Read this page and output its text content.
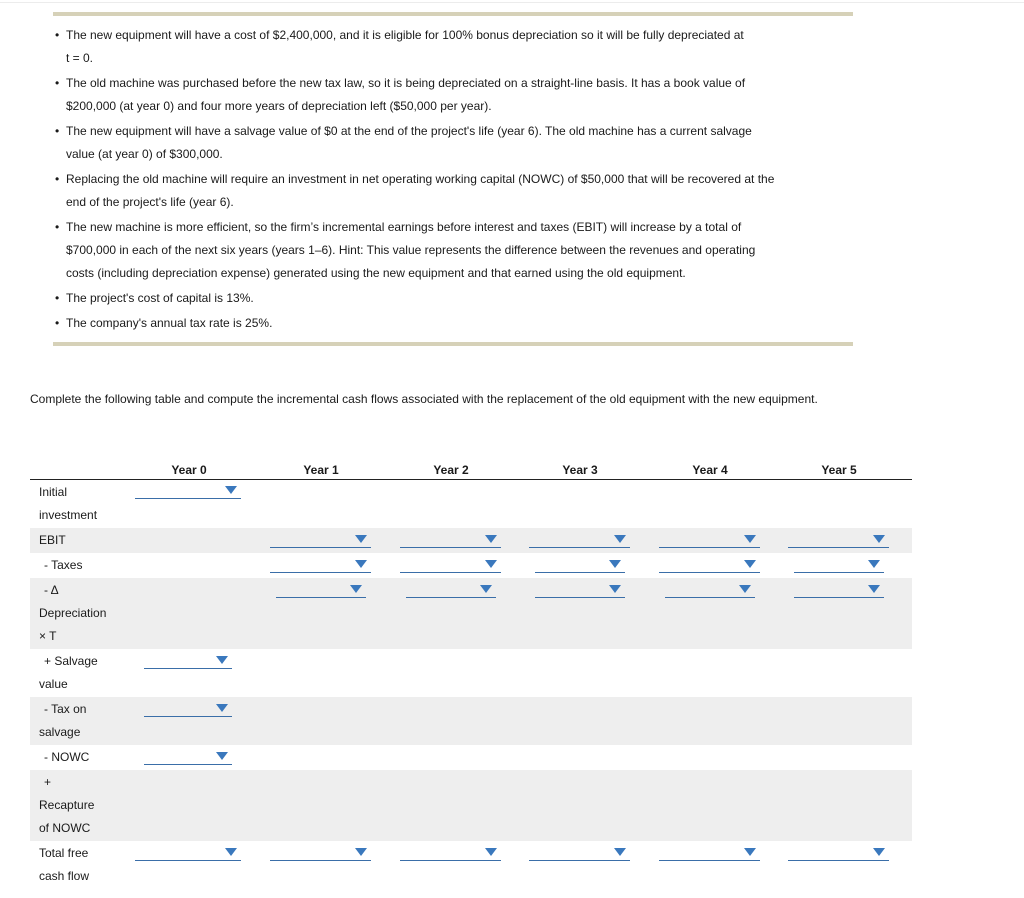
• The new equipment will have a cost of $2,400,000, and it is eligible for 100% bonus depreciation so it will be fully depreciated at
t = 0.
• The old machine was purchased before the new tax law, so it is being depreciated on a straight-line basis. It has a book value of
$200,000 (at year 0) and four more years of depreciation left ($50,000 per year).
• The new equipment will have a salvage value of $0 at the end of the project's life (year 6). The old machine has a current salvage
value (at year 0) of $300,000.
• Replacing the old machine will require an investment in net operating working capital (NOWC) of $50,000 that will be recovered at the
end of the project's life (year 6).
• The new machine is more efficient, so the firm’s incremental earnings before interest and taxes (EBIT) will increase by a total of
$700,000 in each of the next six years (years 1–6). Hint: This value represents the difference between the revenues and operating
costs (including depreciation expense) generated using the new equipment and that earned using the old equipment.
• The project's cost of capital is 13%.
• The company's annual tax rate is 25%.
Complete the following table and compute the incremental cash flows associated with the replacement of the old equipment with the new equipment.
Year 0	Year 1	Year 2	Year 3	Year 4	Year 5
Initial
investment
EBIT
- Taxes
- Δ
Depreciation
× T
+ Salvage
value
- Tax on
salvage
- NOWC
+
Recapture
of NOWC
Total free
cash flow
